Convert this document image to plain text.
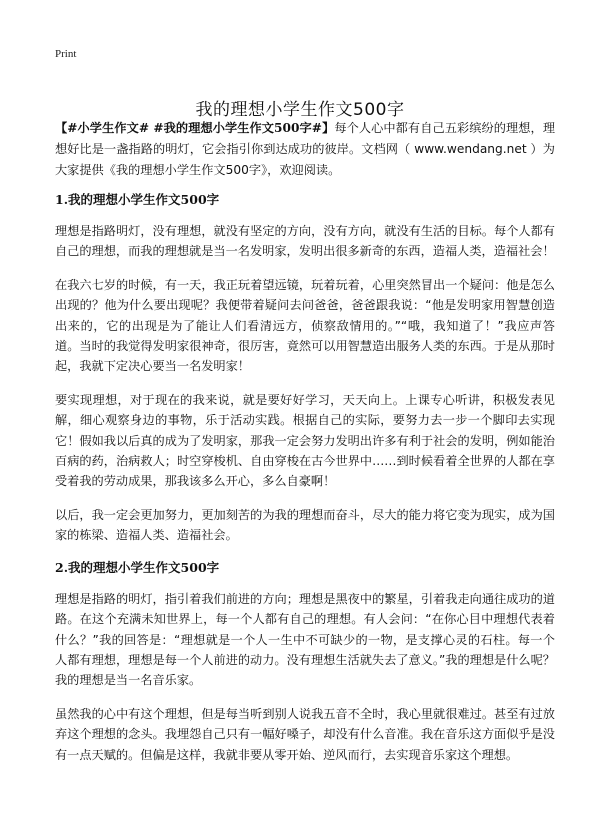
Print
我的理想小学生作文500字

【#小学生作文# #我的理想小学生作文500字#】每个人心中都有自己五彩缤纷的理想，理想好比是一盏指路的明灯，它会指引你到达成功的彼岸。文档网（ www.wendang.net ）为大家提供《我的理想小学生作文500字》，欢迎阅读。

1.我的理想小学生作文500字

理想是指路明灯，没有理想，就没有坚定的方向，没有方向，就没有生活的目标。每个人都有自己的理想，而我的理想就是当一名发明家，发明出很多新奇的东西，造福人类，造福社会！

在我六七岁的时候，有一天，我正玩着望远镜，玩着玩着，心里突然冒出一个疑问：他是怎么出现的？他为什么要出现呢？我便带着疑问去问爸爸，爸爸跟我说：“他是发明家用智慧创造出来的，它的出现是为了能让人们看清远方，侦察敌情用的。”“哦，我知道了！”我应声答道。当时的我觉得发明家很神奇，很厉害，竟然可以用智慧造出服务人类的东西。于是从那时起，我就下定决心要当一名发明家！

要实现理想，对于现在的我来说，就是要好好学习，天天向上。上课专心听讲，积极发表见解，细心观察身边的事物，乐于活动实践。根据自己的实际，要努力去一步一个脚印去实现它！假如我以后真的成为了发明家，那我一定会努力发明出许多有利于社会的发明，例如能治百病的药，治病救人；时空穿梭机、自由穿梭在古今世界中……到时候看着全世界的人都在享受着我的劳动成果，那我该多么开心，多么自豪啊！

以后，我一定会更加努力，更加刻苦的为我的理想而奋斗，尽大的能力将它变为现实，成为国家的栋梁、造福人类、造福社会。

2.我的理想小学生作文500字

理想是指路的明灯，指引着我们前进的方向；理想是黑夜中的繁星，引着我走向通往成功的道路。在这个充满未知世界上，每一个人都有自己的理想。有人会问：“在你心目中理想代表着什么？”我的回答是：“理想就是一个人一生中不可缺少的一物，是支撑心灵的石柱。每一个人都有理想，理想是每一个人前进的动力。没有理想生活就失去了意义。”我的理想是什么呢？我的理想是当一名音乐家。

虽然我的心中有这个理想，但是每当听到别人说我五音不全时，我心里就很难过。甚至有过放弃这个理想的念头。我埋怨自己只有一幅好嗓子，却没有什么音准。我在音乐这方面似乎是没有一点天赋的。但偏是这样，我就非要从零开始、逆风而行，去实现音乐家这个理想。
